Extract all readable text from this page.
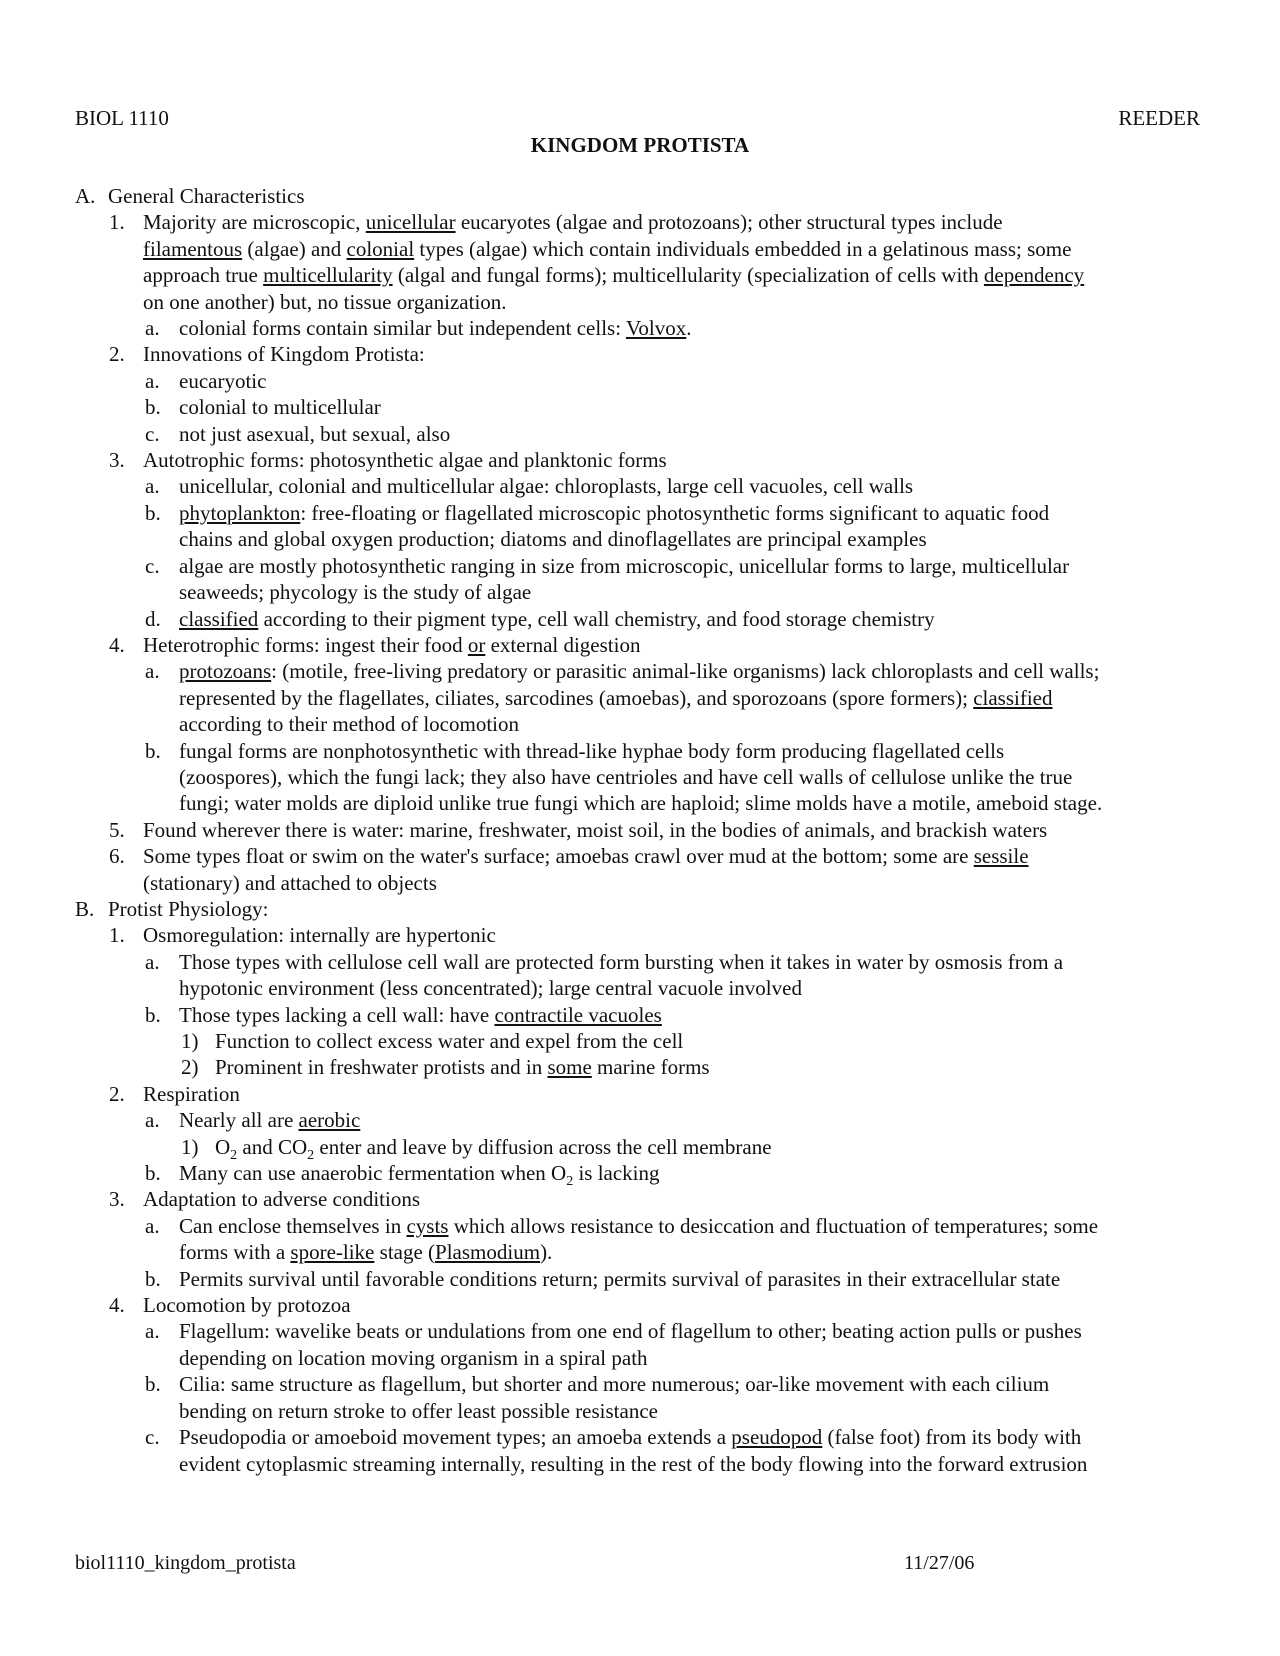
BIOL 1110	REEDER
KINGDOM PROTISTA
A. General Characteristics
1. Majority are microscopic, unicellular eucaryotes (algae and protozoans); other structural types include
filamentous (algae) and colonial types (algae) which contain individuals embedded in a gelatinous mass; some
approach true multicellularity (algal and fungal forms); multicellularity (specialization of cells with dependency
on one another) but, no tissue organization.
a. colonial forms contain similar but independent cells: Volvox.
2. Innovations of Kingdom Protista:
a. eucaryotic
b. colonial to multicellular
c. not just asexual, but sexual, also
3. Autotrophic forms: photosynthetic algae and planktonic forms
a. unicellular, colonial and multicellular algae: chloroplasts, large cell vacuoles, cell walls
b. phytoplankton: free-floating or flagellated microscopic photosynthetic forms significant to aquatic food
chains and global oxygen production; diatoms and dinoflagellates are principal examples
c. algae are mostly photosynthetic ranging in size from microscopic, unicellular forms to large, multicellular
seaweeds; phycology is the study of algae
d. classified according to their pigment type, cell wall chemistry, and food storage chemistry
4. Heterotrophic forms: ingest their food or external digestion
a. protozoans: (motile, free-living predatory or parasitic animal-like organisms) lack chloroplasts and cell walls;
represented by the flagellates, ciliates, sarcodines (amoebas), and sporozoans (spore formers); classified
according to their method of locomotion
b. fungal forms are nonphotosynthetic with thread-like hyphae body form producing flagellated cells
(zoospores), which the fungi lack; they also have centrioles and have cell walls of cellulose unlike the true
fungi; water molds are diploid unlike true fungi which are haploid; slime molds have a motile, ameboid stage.
5. Found wherever there is water: marine, freshwater, moist soil, in the bodies of animals, and brackish waters
6. Some types float or swim on the water's surface; amoebas crawl over mud at the bottom; some are sessile
(stationary) and attached to objects
B. Protist Physiology:
1. Osmoregulation: internally are hypertonic
a. Those types with cellulose cell wall are protected form bursting when it takes in water by osmosis from a
hypotonic environment (less concentrated); large central vacuole involved
b. Those types lacking a cell wall: have contractile vacuoles
1) Function to collect excess water and expel from the cell
2) Prominent in freshwater protists and in some marine forms
2. Respiration
a. Nearly all are aerobic
1) $O_2$ and $CO_2$ enter and leave by diffusion across the cell membrane
b. Many can use anaerobic fermentation when $O_2$ is lacking
3. Adaptation to adverse conditions
a. Can enclose themselves in cysts which allows resistance to desiccation and fluctuation of temperatures; some
forms with a spore-like stage (Plasmodium).
b. Permits survival until favorable conditions return; permits survival of parasites in their extracellular state
4. Locomotion by protozoa
a. Flagellum: wavelike beats or undulations from one end of flagellum to other; beating action pulls or pushes
depending on location moving organism in a spiral path
b. Cilia: same structure as flagellum, but shorter and more numerous; oar-like movement with each cilium
bending on return stroke to offer least possible resistance
c. Pseudopodia or amoeboid movement types; an amoeba extends a pseudopod (false foot) from its body with
evident cytoplasmic streaming internally, resulting in the rest of the body flowing into the forward extrusion
biol1110_kingdom_protista	11/27/06
